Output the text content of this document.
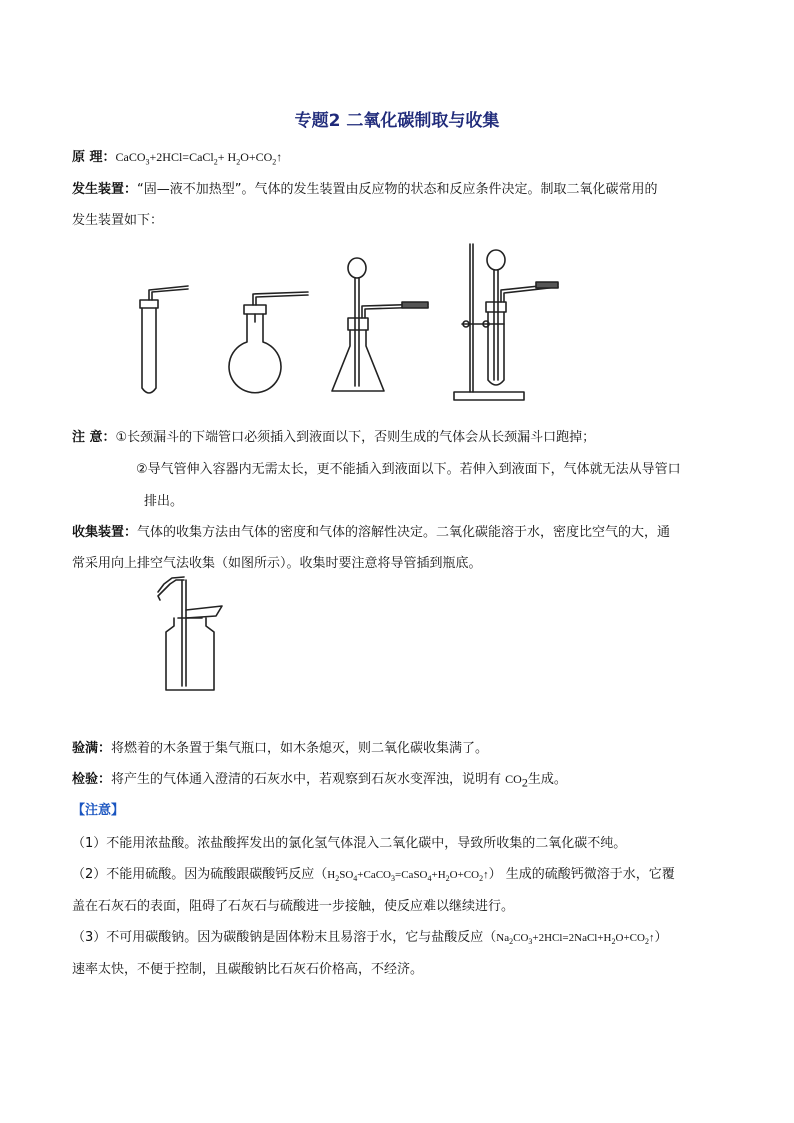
专题2 二氧化碳制取与收集
原 理：CaCO$_3$+2HCl=CaCl$_2$+ $H_2O+CO_2↑$
发生装置：“固—液不加热型”。气体的发生装置由反应物的状态和反应条件决定。制取二氧化碳常用的
发生装置如下：
注 意：①长颈漏斗的下端管口必须插入到液面以下，否则生成的气体会从长颈漏斗口跑掉；
②导气管伸入容器内无需太长，更不能插入到液面以下。若伸入到液面下，气体就无法从导管口
排出。
收集装置：气体的收集方法由气体的密度和气体的溶解性决定。二氧化碳能溶于水，密度比空气的大，通
常采用向上排空气法收集（如图所示）。收集时要注意将导管插到瓶底。
验满：将燃着的木条置于集气瓶口，如木条熄灭，则二氧化碳收集满了。
检验：将产生的气体通入澄清的石灰水中，若观察到石灰水变浑浊，说明有 $CO_2$生成。
【注意】
（1）不能用浓盐酸。浓盐酸挥发出的氯化氢气体混入二氧化碳中，导致所收集的二氧化碳不纯。
（2）不能用硫酸。因为硫酸跟碳酸钙反应$(H_2SO_4+CaCO_3=CaSO_4+H_2O+CO_2↑)$ 生成的硫酸钙微溶于水，它覆
盖在石灰石的表面，阻碍了石灰石与硫酸进一步接触，使反应难以继续进行。
（3）不可用碳酸钠。因为碳酸钠是固体粉末且易溶于水，它与盐酸反应$(Na_2CO_3+2HCl=2NaCl+H_2O+CO_2↑)$
速率太快，不便于控制，且碳酸钠比石灰石价格高，不经济。
